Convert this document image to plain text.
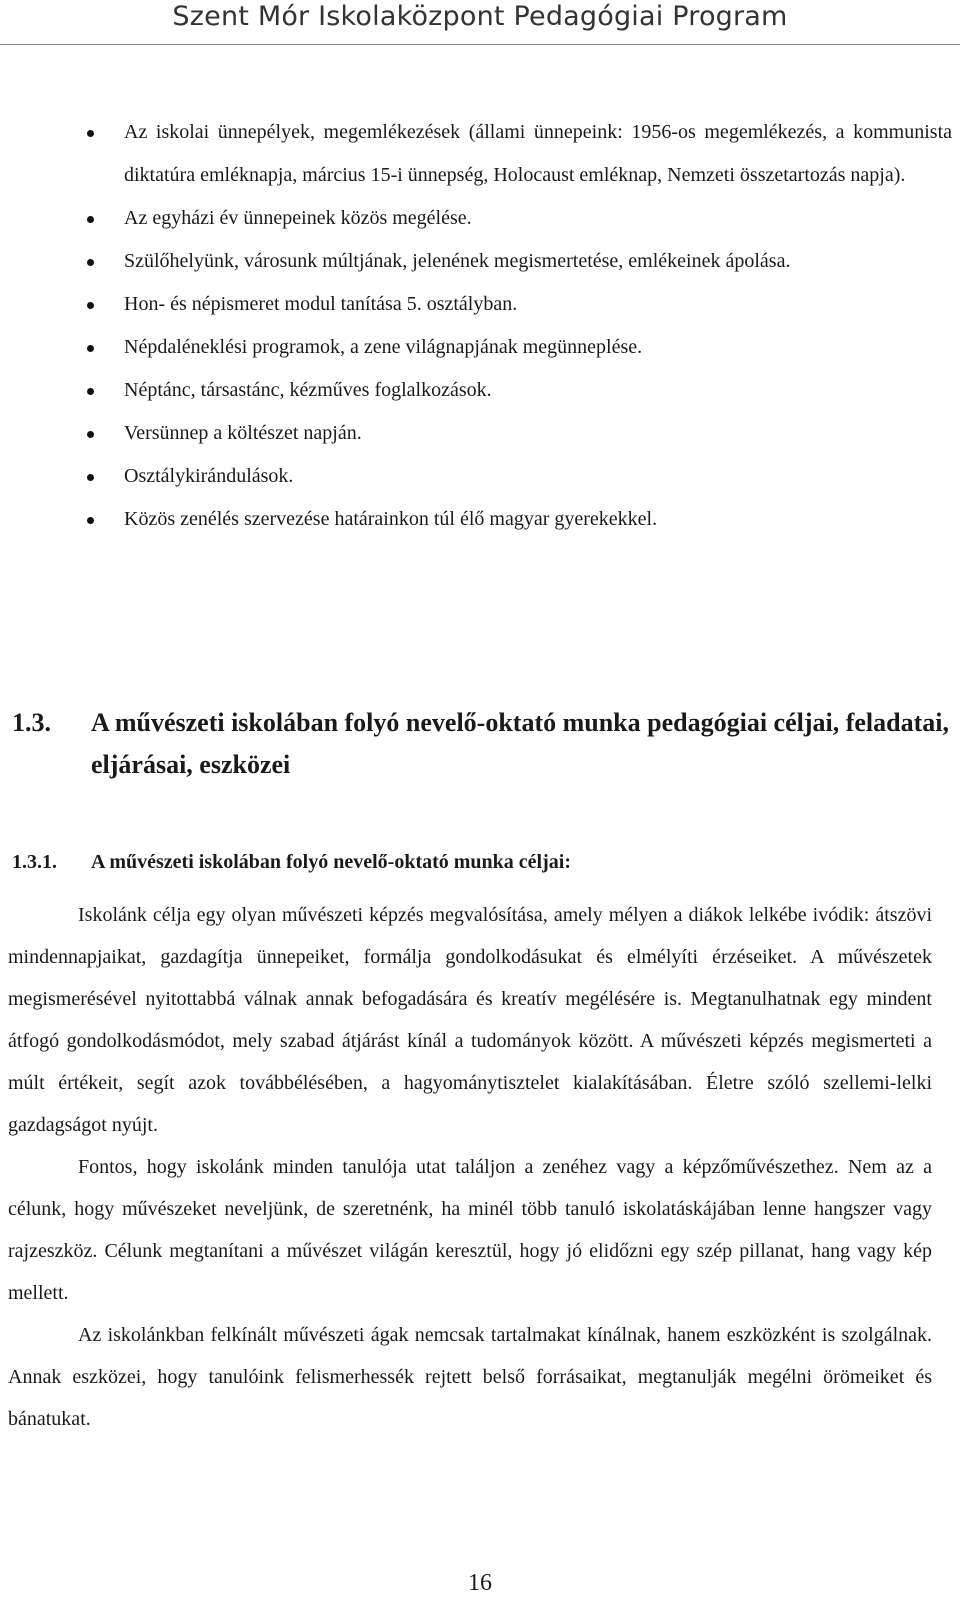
Szent Mór Iskolaközpont Pedagógiai Program
Az iskolai ünnepélyek, megemlékezések (állami ünnepeink: 1956-os megemlékezés, a kommunista diktatúra emléknapja, március 15-i ünnepség, Holocaust emléknap, Nemzeti összetartozás napja).
Az egyházi év ünnepeinek közös megélése.
Szülőhelyünk, városunk múltjának, jelenének megismertetése, emlékeinek ápolása.
Hon- és népismeret modul tanítása 5. osztályban.
Népdaléneklési programok, a zene világnapjának megünneplése.
Néptánc, társastánc, kézműves foglalkozások.
Versünnep a költészet napján.
Osztálykirándulások.
Közös zenélés szervezése határainkon túl élő magyar gyerekekkel.
1.3. A művészeti iskolában folyó nevelő-oktató munka pedagógiai céljai, feladatai, eljárásai, eszközei
1.3.1. A művészeti iskolában folyó nevelő-oktató munka céljai:

Iskolánk célja egy olyan művészeti képzés megvalósítása, amely mélyen a diákok lelkébe ivódik: átszövi mindennapjaikat, gazdagítja ünnepeiket, formálja gondolkodásukat és elmélyíti érzéseiket. A művészetek megismerésével nyitottabbá válnak annak befogadására és kreatív megélésére is. Megtanulhatnak egy mindent átfogó gondolkodásmódot, mely szabad átjárást kínál a tudományok között. A művészeti képzés megismerteti a múlt értékeit, segít azok továbbélésében, a hagyománytisztelet kialakításában. Életre szóló szellemi-lelki gazdagságot nyújt.

Fontos, hogy iskolánk minden tanulója utat találjon a zenéhez vagy a képzőművészethez. Nem az a célunk, hogy művészeket neveljünk, de szeretnénk, ha minél több tanuló iskolatáskájában lenne hangszer vagy rajzeszköz. Célunk megtanítani a művészet világán keresztül, hogy jó elidőzni egy szép pillanat, hang vagy kép mellett.

Az iskolánkban felkínált művészeti ágak nemcsak tartalmakat kínálnak, hanem eszközként is szolgálnak. Annak eszközei, hogy tanulóink felismerhessék rejtett belső forrásaikat, megtanulják megélni örömeiket és bánatukat.

16
